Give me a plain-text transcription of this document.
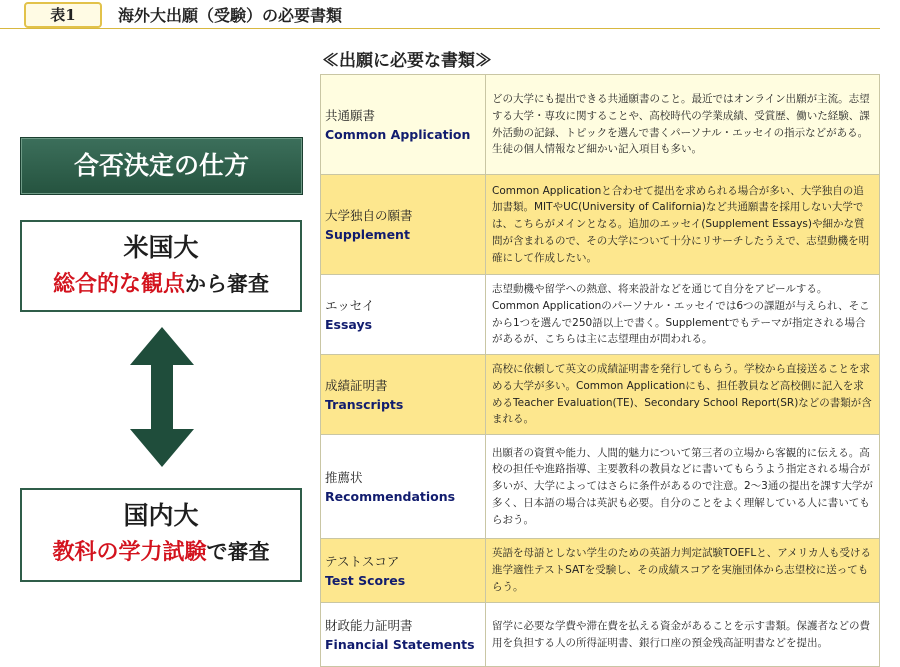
表1	海外大出願（受験）の必要書類
合否決定の仕方
米国大
総合的な観点から審査
国内大
教科の学力試験で審査
≪出願に必要な書類≫
共通願書
Common Application	どの大学にも提出できる共通願書のこと。最近ではオンライン出願が主流。志望する大学・専攻に関することや、高校時代の学業成績、受賞歴、働いた経験、課外活動の記録、トピックを選んで書くパーソナル・エッセイの指示などがある。生徒の個人情報など細かい記入項目も多い。

大学独自の願書
Supplement	Common Applicationと合わせて提出を求められる場合が多い、大学独自の追加書類。MITやUC(University of California)など共通願書を採用しない大学では、こちらがメインとなる。追加のエッセイ(Supplement Essays)や細かな質問が含まれるので、その大学について十分にリサーチしたうえで、志望動機を明確にして作成したい。

エッセイ
Essays	志望動機や留学への熱意、将来設計などを通じて自分をアピールする。Common Applicationのパーソナル・エッセイでは6つの課題が与えられ、そこから1つを選んで250語以上で書く。Supplementでもテーマが指定される場合があるが、こちらは主に志望理由が問われる。

成績証明書
Transcripts	高校に依頼して英文の成績証明書を発行してもらう。学校から直接送ることを求める大学が多い。Common Applicationにも、担任教員など高校側に記入を求めるTeacher Evaluation(TE)、Secondary School Report(SR)などの書類が含まれる。

推薦状
Recommendations	出願者の資質や能力、人間的魅力について第三者の立場から客観的に伝える。高校の担任や進路指導、主要教科の教員などに書いてもらうよう指定される場合が多いが、大学によってはさらに条件があるので注意。2〜3通の提出を課す大学が多く、日本語の場合は英訳も必要。自分のことをよく理解している人に書いてもらおう。

テストスコア
Test Scores	英語を母語としない学生のための英語力判定試験TOEFLと、アメリカ人も受ける進学適性テストSATを受験し、その成績スコアを実施団体から志望校に送ってもらう。

財政能力証明書
Financial Statements	留学に必要な学費や滞在費を払える資金があることを示す書類。保護者などの費用を負担する人の所得証明書、銀行口座の預金残高証明書などを提出。
